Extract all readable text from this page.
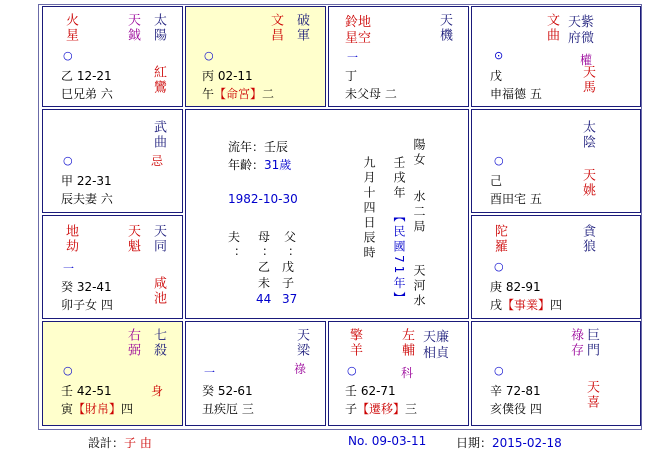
火星	天鉞 太陽
○
乙 12-21	紅鸞
巳兄弟 六
文昌 破軍
○
丙 02-11
午【命宮】二
鈴地星空	天機
一
丁
未父母 二
文曲 天紫府微
⊙	權
戊	天馬
申福德 五
武曲
忌
○
甲 22-31
辰夫妻 六
太陰
○
己	天姚
酉田宅 五
地劫	天魁 天同
一
癸 32-41	咸池
卯子女 四
陀羅	貪狼
○
庚 82-91
戌【事業】四
右弼 七殺
○
壬 42-51	身
寅【財帛】四
天梁
祿
一
癸 52-61
丑疾厄 三
擎羊	左輔 天廉相貞
○	科
壬 62-71
子【遷移】三
祿存 巨門
○
辛 72-81	天喜
亥僕役 四
流年：壬辰
年齡：31歲
1982-10-30
陽女
壬戌年
九月十四日辰時	水二局
【民國71年】 天河水
夫 母 父
： ： ：
乙 戊
未 子
44 37
設計：子 由	No. 09-03-11 日期：2015-02-18
